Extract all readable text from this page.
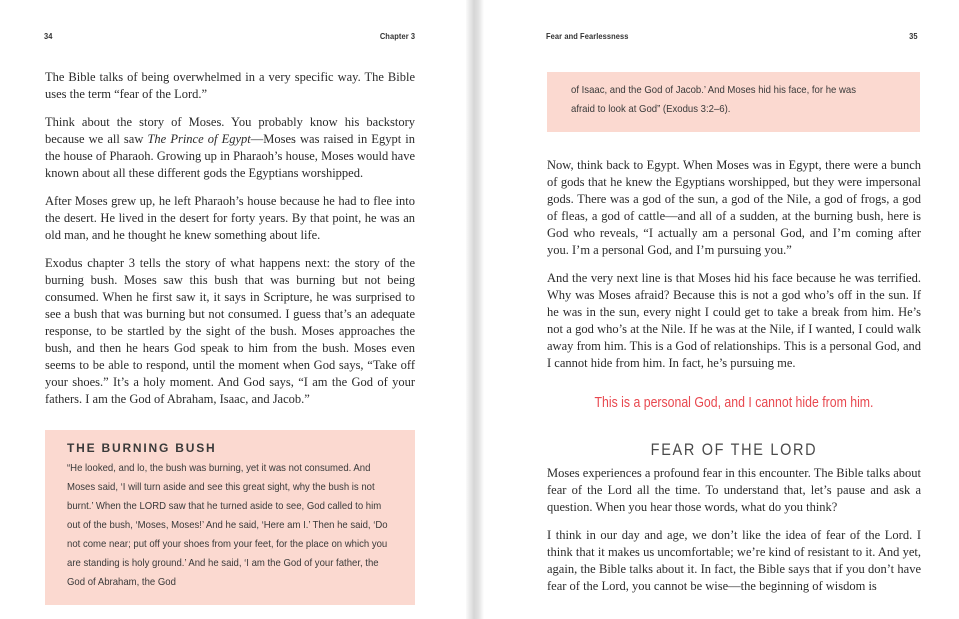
34	Chapter 3

The Bible talks of being overwhelmed in a very specific way. The Bible uses the term “fear of the Lord.”

Think about the story of Moses. You probably know his backstory because we all saw The Prince of Egypt—Moses was raised in Egypt in the house of Pharaoh. Growing up in Pharaoh’s house, Moses would have known about all these different gods the Egyptians worshipped.

After Moses grew up, he left Pharaoh’s house because he had to flee into the desert. He lived in the desert for forty years. By that point, he was an old man, and he thought he knew something about life.

Exodus chapter 3 tells the story of what happens next: the story of the burning bush. Moses saw this bush that was burning but not being consumed. When he first saw it, it says in Scripture, he was surprised to see a bush that was burning but not consumed. I guess that’s an adequate response, to be startled by the sight of the bush. Moses approaches the bush, and then he hears God speak to him from the bush. Moses even seems to be able to respond, until the moment when God says, “Take off your shoes.” It’s a holy moment. And God says, “I am the God of your fathers. I am the God of Abraham, Isaac, and Jacob.”

THE BURNING BUSH
“He looked, and lo, the bush was burning, yet it was not consumed. And Moses said, ‘I will turn aside and see this great sight, why the bush is not burnt.’ When the LORD saw that he turned aside to see, God called to him out of the bush, ‘Moses, Moses!’ And he said, ‘Here am I.’ Then he said, ‘Do not come near; put off your shoes from your feet, for the place on which you are standing is holy ground.’ And he said, ‘I am the God of your father, the God of Abraham, the God
Fear and Fearlessness	35
of Isaac, and the God of Jacob.’ And Moses hid his face, for he was afraid to look at God” (Exodus 3:2–6).

Now, think back to Egypt. When Moses was in Egypt, there were a bunch of gods that he knew the Egyptians worshipped, but they were impersonal gods. There was a god of the sun, a god of the Nile, a god of frogs, a god of fleas, a god of cattle—and all of a sudden, at the burning bush, here is God who reveals, “I actually am a personal God, and I’m coming after you. I’m a personal God, and I’m pursuing you.”

And the very next line is that Moses hid his face because he was terrified. Why was Moses afraid? Because this is not a god who’s off in the sun. If he was in the sun, every night I could get to take a break from him. He’s not a god who’s at the Nile. If he was at the Nile, if I wanted, I could walk away from him. This is a God of relationships. This is a personal God, and I cannot hide from him. In fact, he’s pursuing me.

This is a personal God, and I cannot hide from him.
FEAR OF THE LORD

Moses experiences a profound fear in this encounter. The Bible talks about fear of the Lord all the time. To understand that, let’s pause and ask a question. When you hear those words, what do you think?

I think in our day and age, we don’t like the idea of fear of the Lord. I think that it makes us uncomfortable; we’re kind of resistant to it. And yet, again, the Bible talks about it. In fact, the Bible says that if you don’t have fear of the Lord, you cannot be wise—the beginning of wisdom is
